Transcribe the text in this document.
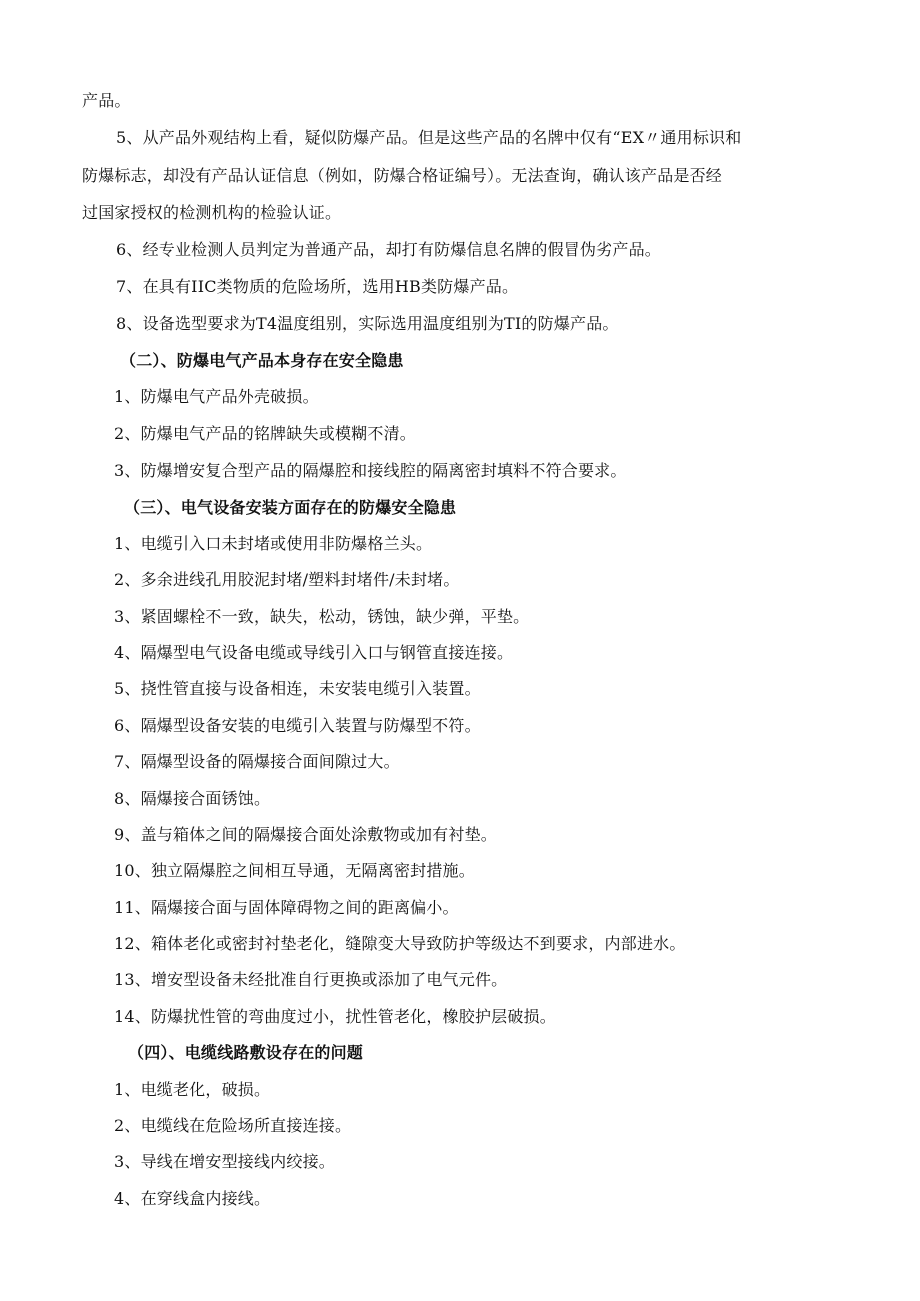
产品。
5、从产品外观结构上看，疑似防爆产品。但是这些产品的名牌中仅有“EX〃通用标识和
防爆标志，却没有产品认证信息（例如，防爆合格证编号）。无法查询，确认该产品是否经
过国家授权的检测机构的检验认证。
6、经专业检测人员判定为普通产品，却打有防爆信息名牌的假冒伪劣产品。
7、在具有IIC类物质的危险场所，选用HB类防爆产品。
8、设备选型要求为T4温度组别，实际选用温度组别为TI的防爆产品。
（二）、防爆电气产品本身存在安全隐患
1、防爆电气产品外壳破损。
2、防爆电气产品的铭牌缺失或模糊不清。
3、防爆增安复合型产品的隔爆腔和接线腔的隔离密封填料不符合要求。
（三）、电气设备安装方面存在的防爆安全隐患
1、电缆引入口未封堵或使用非防爆格兰头。
2、多余进线孔用胶泥封堵/塑料封堵件/未封堵。
3、紧固螺栓不一致，缺失，松动，锈蚀，缺少弹，平垫。
4、隔爆型电气设备电缆或导线引入口与钢管直接连接。
5、挠性管直接与设备相连，未安装电缆引入装置。
6、隔爆型设备安装的电缆引入装置与防爆型不符。
7、隔爆型设备的隔爆接合面间隙过大。
8、隔爆接合面锈蚀。
9、盖与箱体之间的隔爆接合面处涂敷物或加有衬垫。
10、独立隔爆腔之间相互导通，无隔离密封措施。
11、隔爆接合面与固体障碍物之间的距离偏小。
12、箱体老化或密封衬垫老化，缝隙变大导致防护等级达不到要求，内部进水。
13、增安型设备未经批准自行更换或添加了电气元件。
14、防爆扰性管的弯曲度过小，扰性管老化，橡胶护层破损。
（四）、电缆线路敷设存在的问题
1、电缆老化，破损。
2、电缆线在危险场所直接连接。
3、导线在增安型接线内绞接。
4、在穿线盒内接线。
